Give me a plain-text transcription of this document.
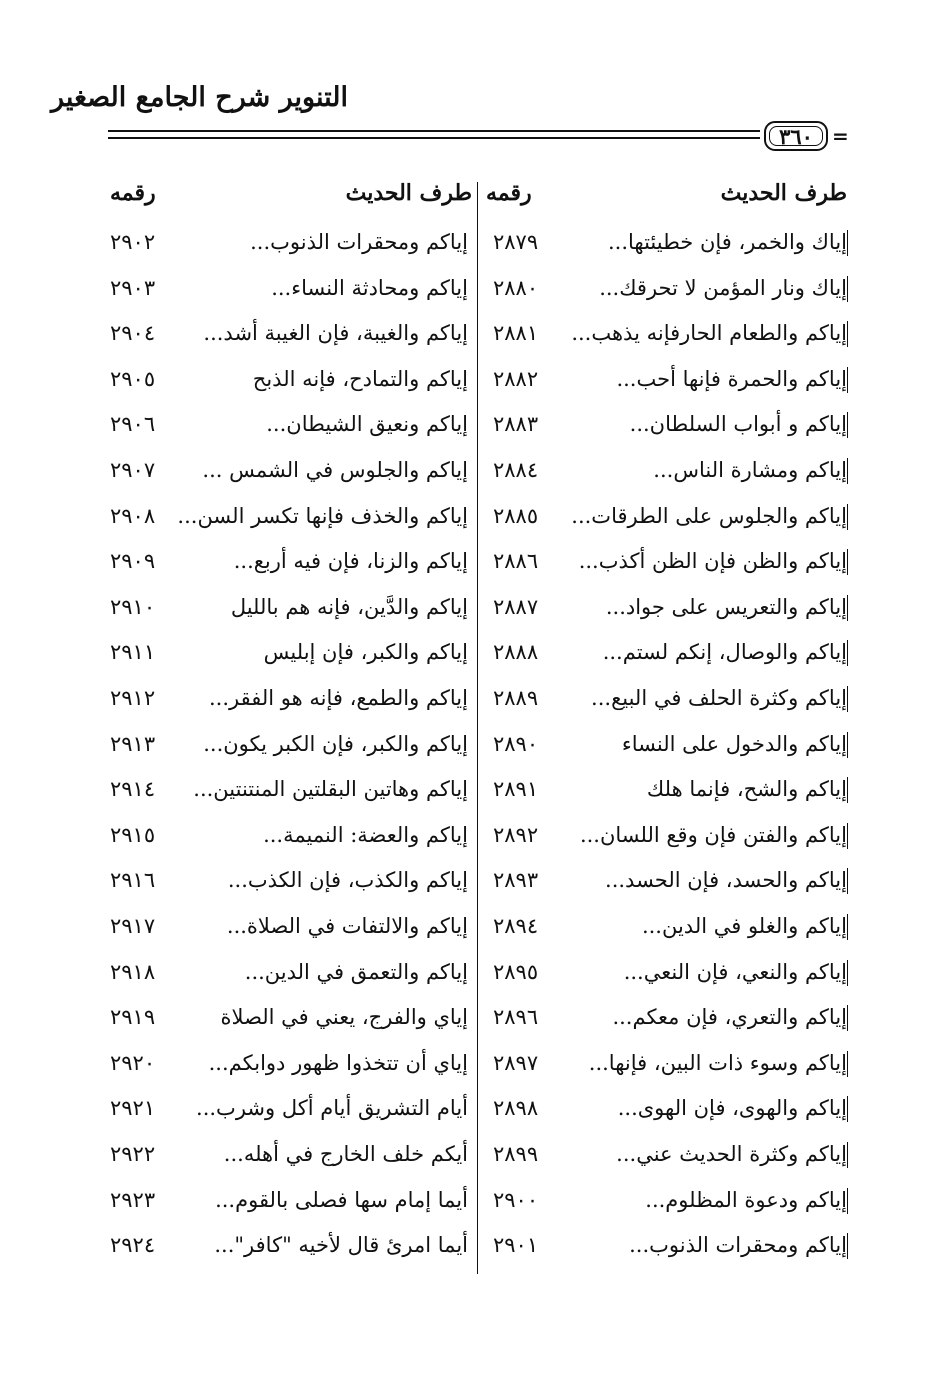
التنوير شرح الجامع الصغير
٣٦٠ =
طرف الحديث
رقمه
طرف الحديث
رقمه
إياك والخمر، فإن خطيئتها...
٢٨٧٩
إياكم ومحقرات الذنوب...
٢٩٠٢
إياك ونار المؤمن لا تحرقك...
٢٨٨٠
إياكم ومحادثة النساء...
٢٩٠٣
إياكم والطعام الحارفإنه يذهب...
٢٨٨١
إياكم والغيبة، فإن الغيبة أشد...
٢٩٠٤
إياكم والحمرة فإنها أحب...
٢٨٨٢
إياكم والتمادح، فإنه الذبح
٢٩٠٥
إياكم و أبواب السلطان...
٢٨٨٣
إياكم ونعيق الشيطان...
٢٩٠٦
إياكم ومشارة الناس...
٢٨٨٤
إياكم والجلوس في الشمس ...
٢٩٠٧
إياكم والجلوس على الطرقات...
٢٨٨٥
إياكم والخذف فإنها تكسر السن...
٢٩٠٨
إياكم والظن فإن الظن أكذب...
٢٨٨٦
إياكم والزنا، فإن فيه أربع...
٢٩٠٩
إياكم والتعريس على جواد...
٢٨٨٧
إياكم والدَّين، فإنه هم بالليل
٢٩١٠
إياكم والوصال، إنكم لستم...
٢٨٨٨
إياكم والكبر، فإن إبليس
٢٩١١
إياكم وكثرة الحلف في البيع...
٢٨٨٩
إياكم والطمع، فإنه هو الفقر...
٢٩١٢
إياكم والدخول على النساء
٢٨٩٠
إياكم والكبر، فإن الكبر يكون...
٢٩١٣
إياكم والشح، فإنما هلك
٢٨٩١
إياكم وهاتين البقلتين المنتنتين...
٢٩١٤
إياكم والفتن فإن وقع اللسان...
٢٨٩٢
إياكم والعضة: النميمة...
٢٩١٥
إياكم والحسد، فإن الحسد...
٢٨٩٣
إياكم والكذب، فإن الكذب...
٢٩١٦
إياكم والغلو في الدين...
٢٨٩٤
إياكم والالتفات في الصلاة...
٢٩١٧
إياكم والنعي، فإن النعي...
٢٨٩٥
إياكم والتعمق في الدين...
٢٩١٨
إياكم والتعري، فإن معكم...
٢٨٩٦
إياي والفرج، يعني في الصلاة
٢٩١٩
إياكم وسوء ذات البين، فإنها...
٢٨٩٧
إياي أن تتخذوا ظهور دوابكم...
٢٩٢٠
إياكم والهوى، فإن الهوى...
٢٨٩٨
أيام التشريق أيام أكل وشرب...
٢٩٢١
إياكم وكثرة الحديث عني...
٢٨٩٩
أيكم خلف الخارج في أهله...
٢٩٢٢
إياكم ودعوة المظلوم...
٢٩٠٠
أيما إمام سها فصلى بالقوم...
٢٩٢٣
إياكم ومحقرات الذنوب...
٢٩٠١
أيما امرئ قال لأخيه "كافر"...
٢٩٢٤
